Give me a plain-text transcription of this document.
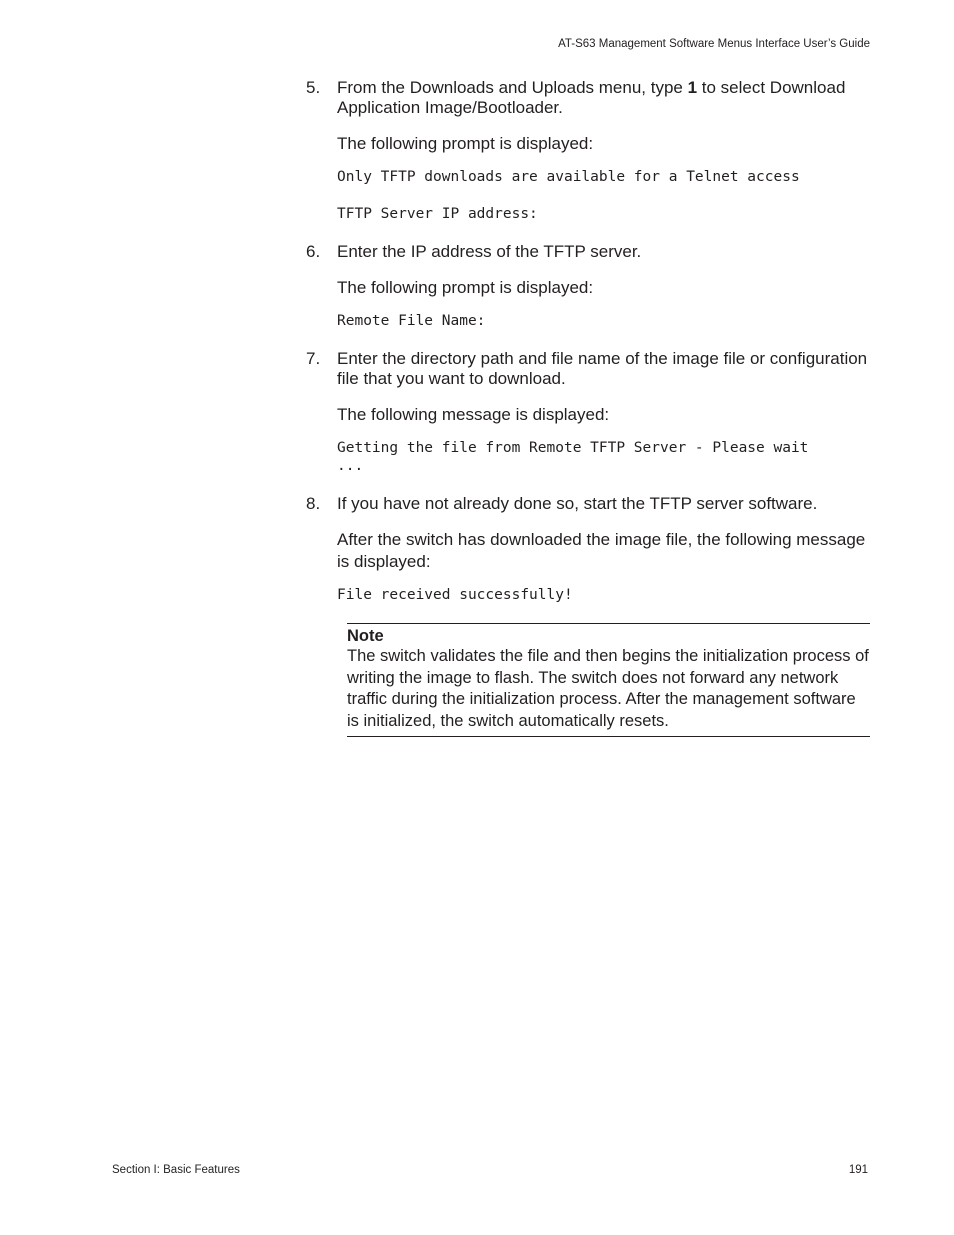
AT-S63 Management Software Menus Interface User’s Guide
5. From the Downloads and Uploads menu, type 1 to select Download Application Image/Bootloader.
The following prompt is displayed:
Only TFTP downloads are available for a Telnet access
TFTP Server IP address:
6. Enter the IP address of the TFTP server.
The following prompt is displayed:
Remote File Name:
7. Enter the directory path and file name of the image file or configuration file that you want to download.
The following message is displayed:
Getting the file from Remote TFTP Server - Please wait
...
8. If you have not already done so, start the TFTP server software.
After the switch has downloaded the image file, the following message is displayed:
File received successfully!
Note
The switch validates the file and then begins the initialization process of writing the image to flash. The switch does not forward any network traffic during the initialization process. After the management software is initialized, the switch automatically resets.
Section I: Basic Features	191
